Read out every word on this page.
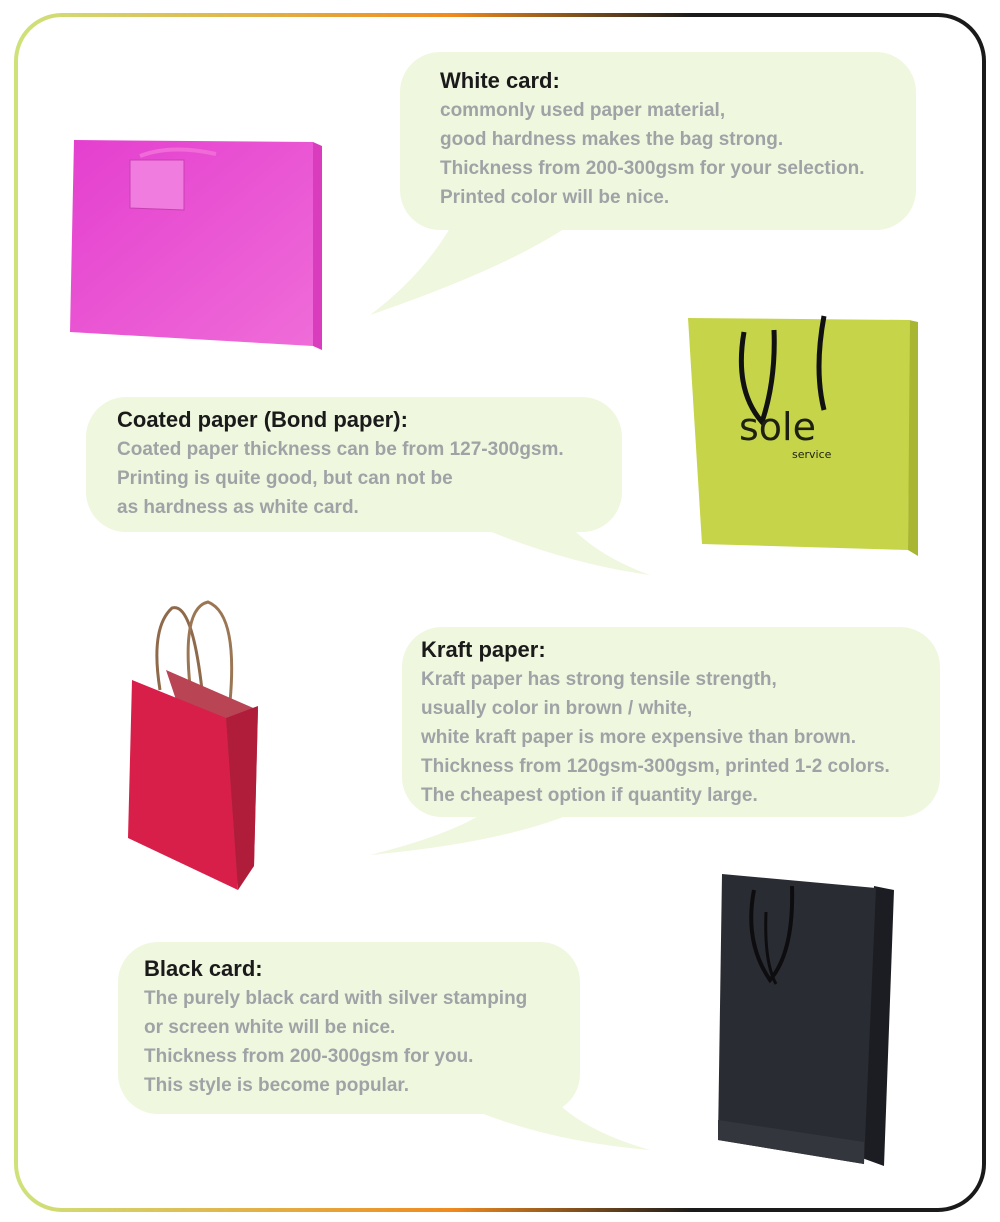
White card:

commonly used paper material,

good hardness makes the bag strong.

Thickness from 200-300gsm for your selection.

Printed color will be nice.

Coated paper (Bond paper):

Coated paper thickness can be from 127-300gsm.

Printing is quite good, but can not be

as hardness as white card.

Kraft paper:

Kraft paper has strong tensile strength,

usually color in brown / white,

white kraft paper is more expensive than brown.

Thickness from 120gsm-300gsm, printed 1-2 colors.

The cheapest option if quantity large.

Black card:

The purely black card with silver stamping

or screen white will be nice.

Thickness from 200-300gsm for you.

This style is become popular.

sole
service
